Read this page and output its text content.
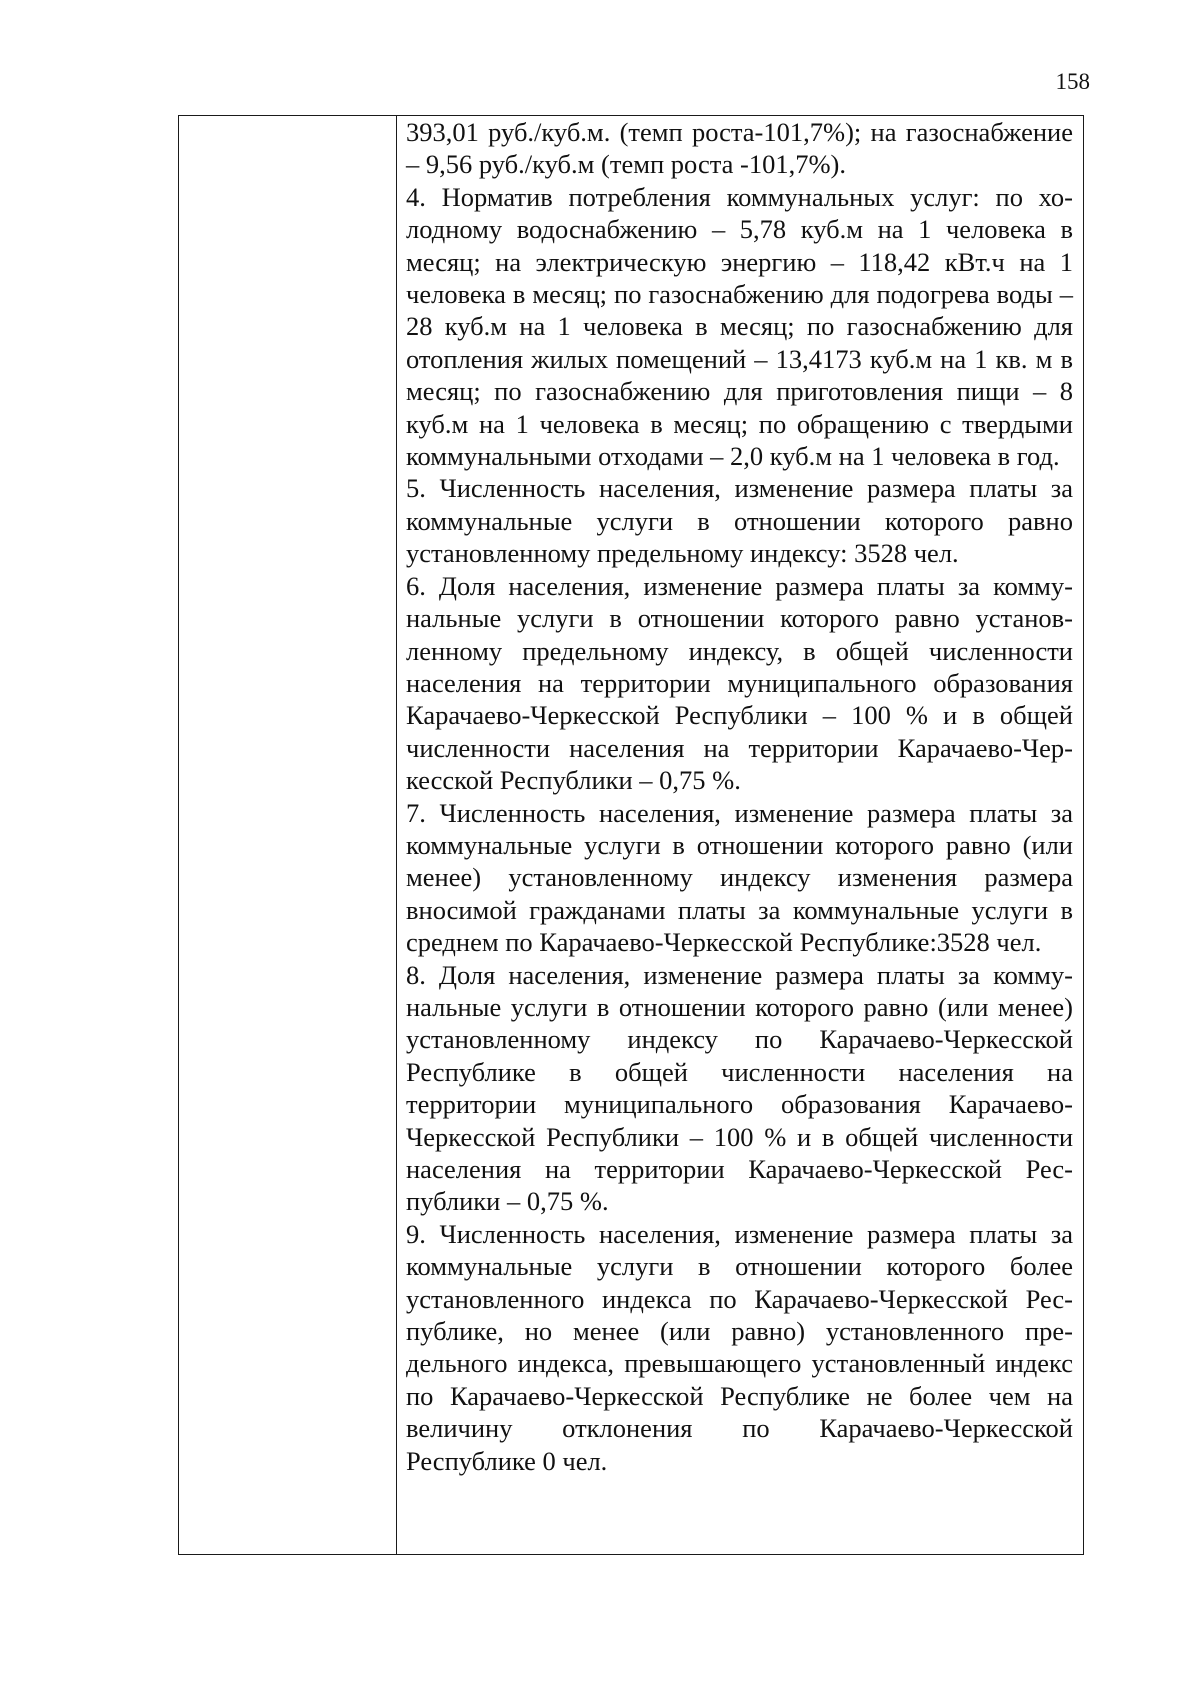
158

393,01 руб./куб.м. (темп роста-101,7%); на газоснабжение – 9,56 руб./куб.м (темп роста -101,7%).

4. Норматив потребления коммунальных услуг: по холодному водоснабжению – 5,78 куб.м на 1 человека в месяц; на электрическую энергию – 118,42 кВт.ч на 1 человека в месяц; по газоснабжению для подогрева воды – 28 куб.м на 1 человека в месяц; по газоснабжению для отопления жилых помещений – 13,4173 куб.м на 1 кв. м в месяц; по газоснабжению для приготовления пищи – 8 куб.м на 1 человека в месяц; по обращению с твердыми коммунальными отходами – 2,0 куб.м на 1 человека в год.

5. Численность населения, изменение размера платы за коммунальные услуги в отношении которого равно установленному предельному индексу: 3528 чел.

6. Доля населения, изменение размера платы за коммунальные услуги в отношении которого равно установленному предельному индексу, в общей численности населения на территории муниципального образования Карачаево-Черкесской Республики – 100 % и в общей численности населения на территории Карачаево-Черкесской Республики – 0,75 %.

7. Численность населения, изменение размера платы за коммунальные услуги в отношении которого равно (или менее) установленному индексу изменения размера вносимой гражданами платы за коммунальные услуги в среднем по Карачаево-Черкесской Республике:3528 чел.

8. Доля населения, изменение размера платы за коммунальные услуги в отношении которого равно (или менее) установленному индексу по Карачаево-Черкесской Республике в общей численности населения на территории муниципального образования Карачаево-Черкесской Республики – 100 % и в общей численности населения на территории Карачаево-Черкесской Республики – 0,75 %.

9. Численность населения, изменение размера платы за коммунальные услуги в отношении которого более установленного индекса по Карачаево-Черкесской Республике, но менее (или равно) установленного предельного индекса, превышающего установленный индекс по Карачаево-Черкесской Республике не более чем на величину отклонения по Карачаево-Черкесской Республике 0 чел.
